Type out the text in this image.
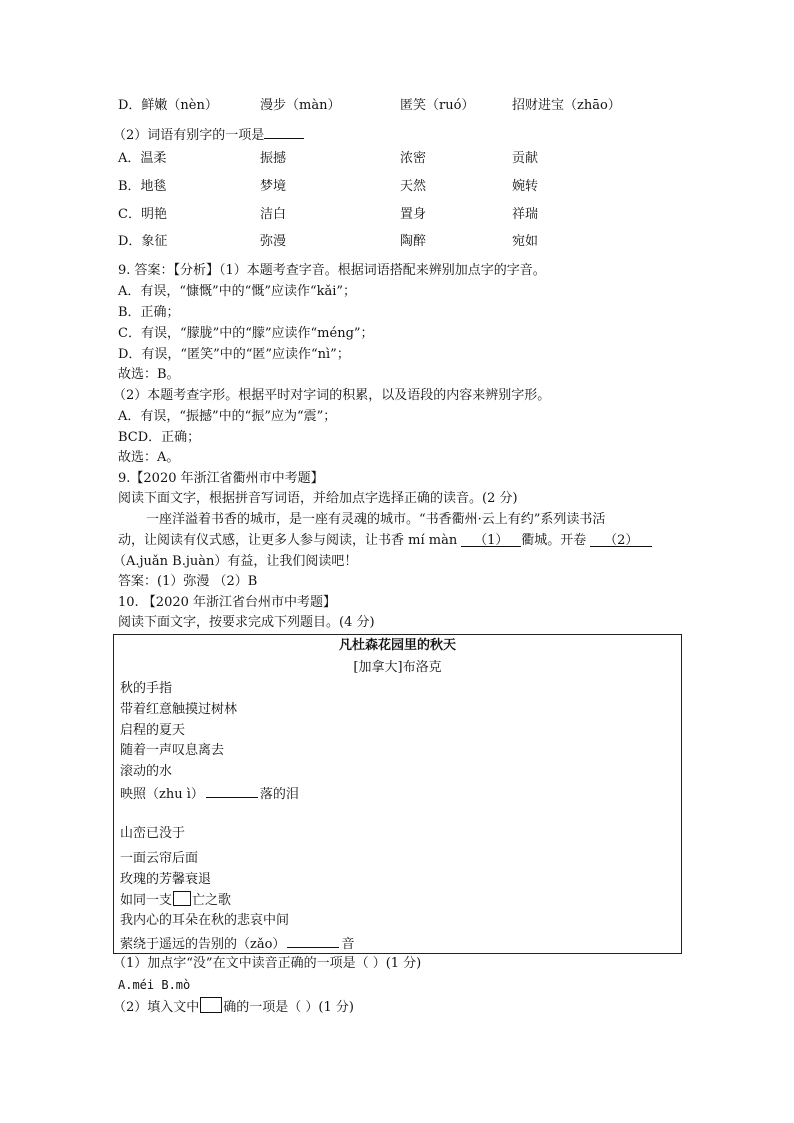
D．鲜嫩（nèn）	漫步（màn）	匿笑（ruó）	招财进宝（zhāo）
（2）词语有别字的一项是
A．温柔	振撼	浓密	贡献
B．地毯	梦境	天然	婉转
C．明艳	洁白	置身	祥瑞
D．象征	弥漫	陶醉	宛如
9. 答案：【分析】（1）本题考查字音。根据词语搭配来辨别加点字的字音。
A．有误，“慷慨”中的“慨”应读作“kǎi”；
B．正确；
C．有误，“朦胧”中的“朦”应读作“méng”；
D．有误，“匿笑”中的“匿”应读作“nì”；
故选：B。
（2）本题考查字形。根据平时对字词的积累，以及语段的内容来辨别字形。
A．有误，“振撼”中的“振”应为“震”；
BCD．正确；
故选：A。
9.【2020 年浙江省衢州市中考题】
阅读下面文字，根据拼音写词语，并给加点字选择正确的读音。(2 分)
一座洋溢着书香的城市，是一座有灵魂的城市。“书香衢州·云上有约”系列读书活
动，让阅读有仪式感，让更多人参与阅读，让书香 mí màn （1） 衢城。开卷 （2）
（A.juǎn B.juàn）有益，让我们阅读吧！
答案：(1）弥漫 （2）B
10. 【2020 年浙江省台州市中考题】
阅读下面文字，按要求完成下列题目。(4 分)
凡杜森花园里的秋天
[加拿大]布洛克
秋的手指
带着红意触摸过树林
启程的夏天
随着一声叹息离去
滚动的水
映照（zhu ì）	落的泪
山峦已没于
一面云帘后面
玫瑰的芳馨衰退
如同一支 亡之歌
我内心的耳朵在秋的悲哀中间
萦绕于遥远的告别的（zǎo）	音
（1）加点字“没”在文中读音正确的一项是（ ）(1 分)
A.méi B.mò
（2）填入文中 确的一项是（ ）(1 分)
